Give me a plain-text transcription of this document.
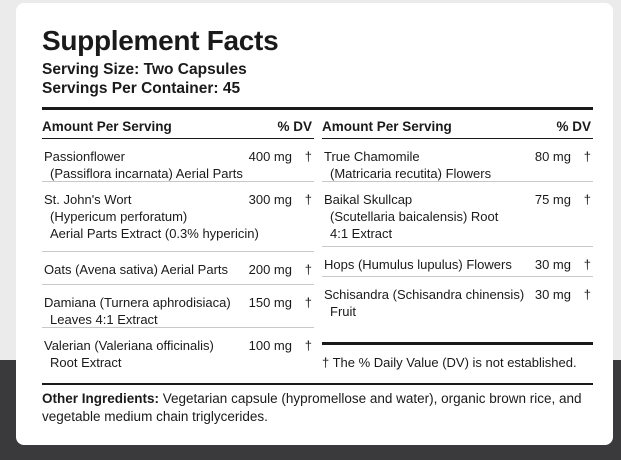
Supplement Facts
Serving Size: Two Capsules
Servings Per Container: 45
Amount Per Serving	% DV
Passionflower
(Passiflora incarnata) Aerial Parts
400 mg †
St. John's Wort
(Hypericum perforatum)
Aerial Parts Extract (0.3% hypericin)
300 mg †
Oats (Avena sativa) Aerial Parts 200 mg †
Damiana (Turnera aphrodisiaca)
Leaves 4:1 Extract
150 mg †
Valerian (Valeriana officinalis)
Root Extract
100 mg †
Amount Per Serving	% DV
True Chamomile
(Matricaria recutita) Flowers
80 mg †
Baikal Skullcap
(Scutellaria baicalensis) Root
4:1 Extract
75 mg †
Hops (Humulus lupulus) Flowers 30 mg †
Schisandra (Schisandra chinensis)
Fruit
30 mg †
† The % Daily Value (DV) is not established.
Other Ingredients: Vegetarian capsule (hypromellose and water), organic brown rice, and vegetable medium chain triglycerides.
